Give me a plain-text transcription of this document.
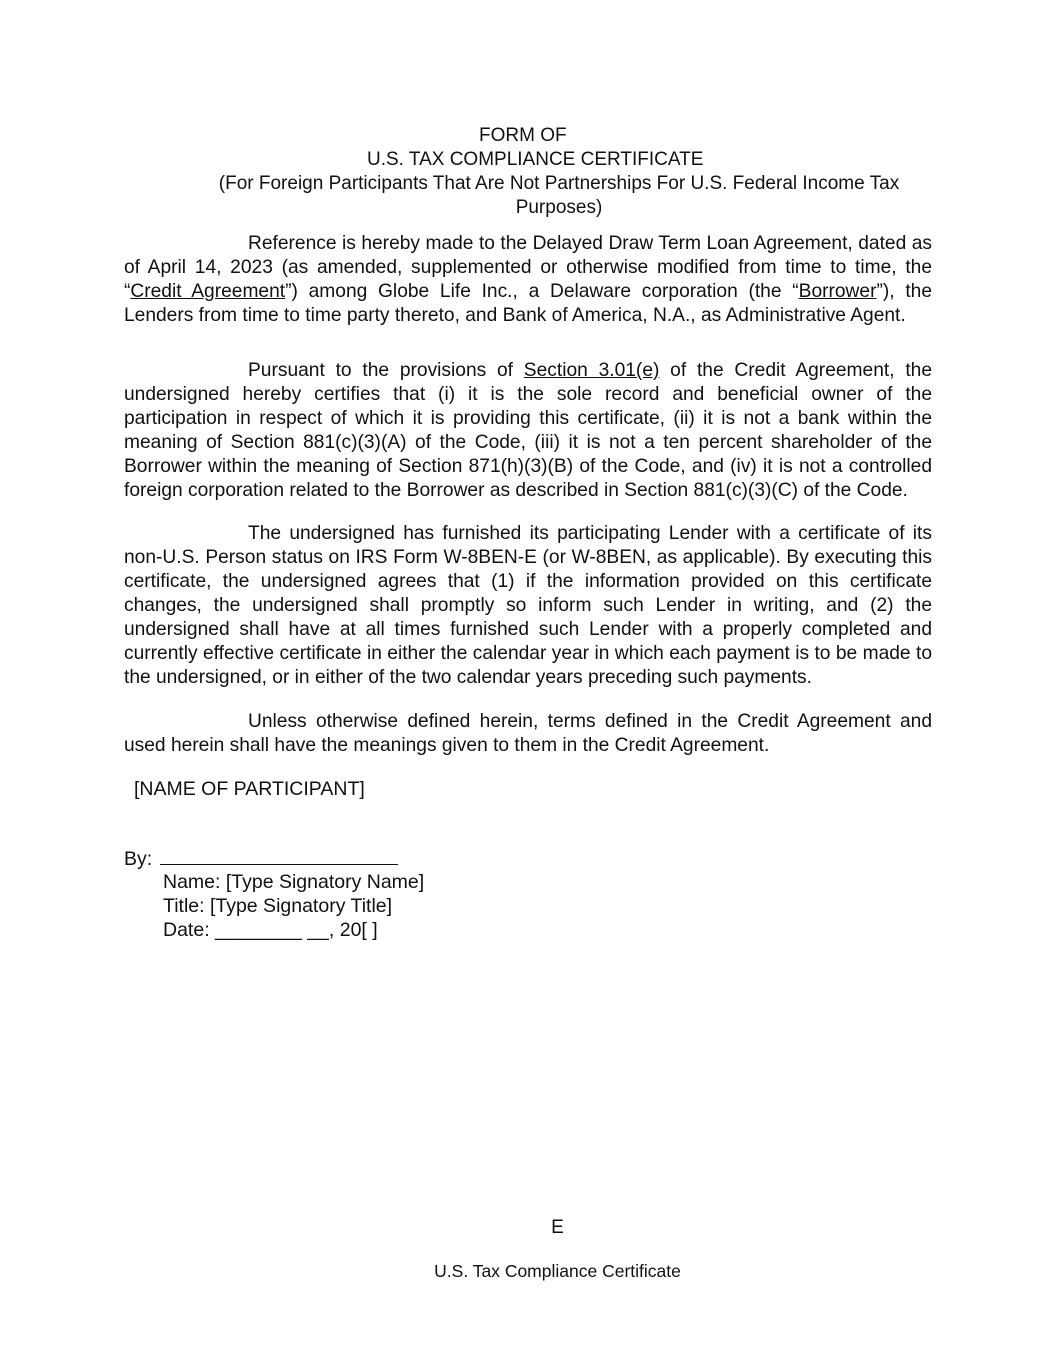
FORM OF
U.S. TAX COMPLIANCE CERTIFICATE
(For Foreign Participants That Are Not Partnerships For U.S. Federal Income Tax Purposes)

Reference is hereby made to the Delayed Draw Term Loan Agreement, dated as of April 14, 2023 (as amended, supplemented or otherwise modified from time to time, the “Credit Agreement”) among Globe Life Inc., a Delaware corporation (the “Borrower”), the Lenders from time to time party thereto, and Bank of America, N.A., as Administrative Agent.

Pursuant to the provisions of Section 3.01(e) of the Credit Agreement, the undersigned hereby certifies that (i) it is the sole record and beneficial owner of the participation in respect of which it is providing this certificate, (ii) it is not a bank within the meaning of Section 881(c)(3)(A) of the Code, (iii) it is not a ten percent shareholder of the Borrower within the meaning of Section 871(h)(3)(B) of the Code, and (iv) it is not a controlled foreign corporation related to the Borrower as described in Section 881(c)(3)(C) of the Code.

The undersigned has furnished its participating Lender with a certificate of its non-U.S. Person status on IRS Form W-8BEN-E (or W-8BEN, as applicable). By executing this certificate, the undersigned agrees that (1) if the information provided on this certificate changes, the undersigned shall promptly so inform such Lender in writing, and (2) the undersigned shall have at all times furnished such Lender with a properly completed and currently effective certificate in either the calendar year in which each payment is to be made to the undersigned, or in either of the two calendar years preceding such payments.

Unless otherwise defined herein, terms defined in the Credit Agreement and used herein shall have the meanings given to them in the Credit Agreement.

[NAME OF PARTICIPANT]
By:
Name: [Type Signatory Name]
Title: [Type Signatory Title]
Date: ________ __, 20[ ]
E
U.S. Tax Compliance Certificate
